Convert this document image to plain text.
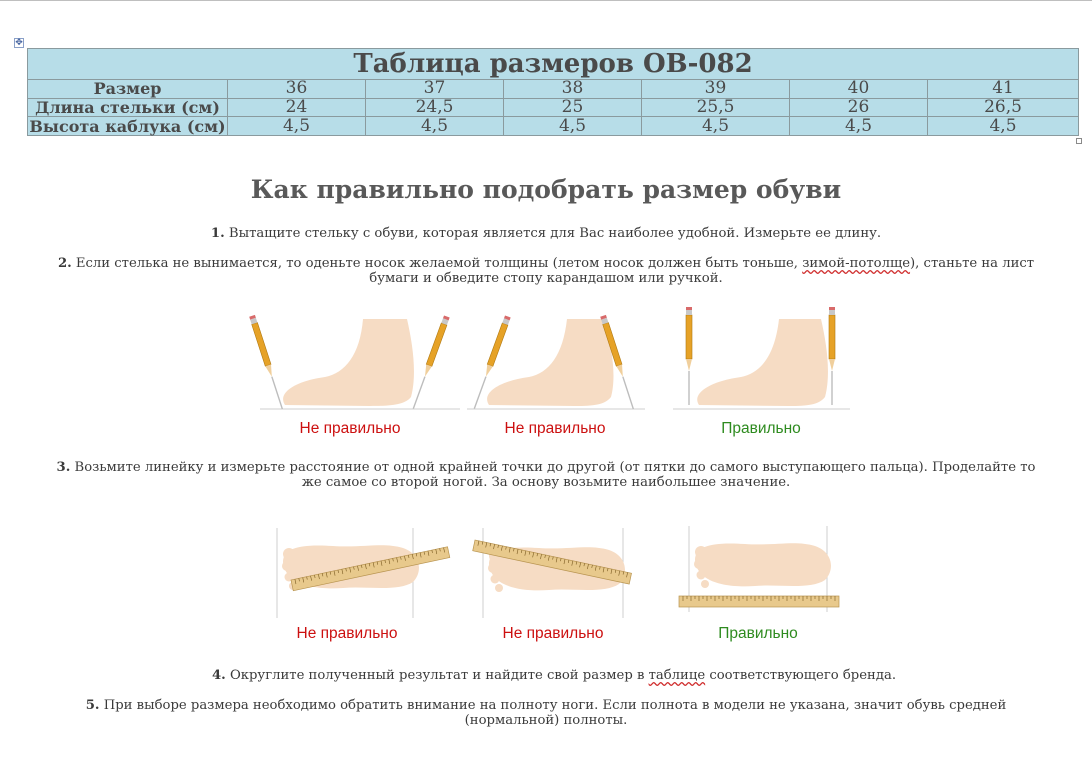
✥
Таблица размеров ОВ-082						
Размер	36	37	38	39	40	41
Длина стельки (см)	24	24,5	25	25,5	26	26,5
Высота каблука (см)	4,5	4,5	4,5	4,5	4,5	4,5
Как правильно подобрать размер обуви

1. Вытащите стельку с обуви, которая является для Вас наиболее удобной. Измерьте ее длину.

2. Если стелька не вынимается, то оденьте носок желаемой толщины (летом носок должен быть тоньше, зимой-потолще), станьте на лист
бумаги и обведите стопу карандашом или ручкой.

Не правильно	Не правильно	Правильно

3. Возьмите линейку и измерьте расстояние от одной крайней точки до другой (от пятки до самого выступающего пальца). Проделайте то
же самое со второй ногой. За основу возьмите наибольшее значение.

Не правильно	Не правильно	Правильно

4. Округлите полученный результат и найдите свой размер в таблице соответствующего бренда.

5. При выборе размера необходимо обратить внимание на полноту ноги. Если полнота в модели не указана, значит обувь средней
(нормальной) полноты.
